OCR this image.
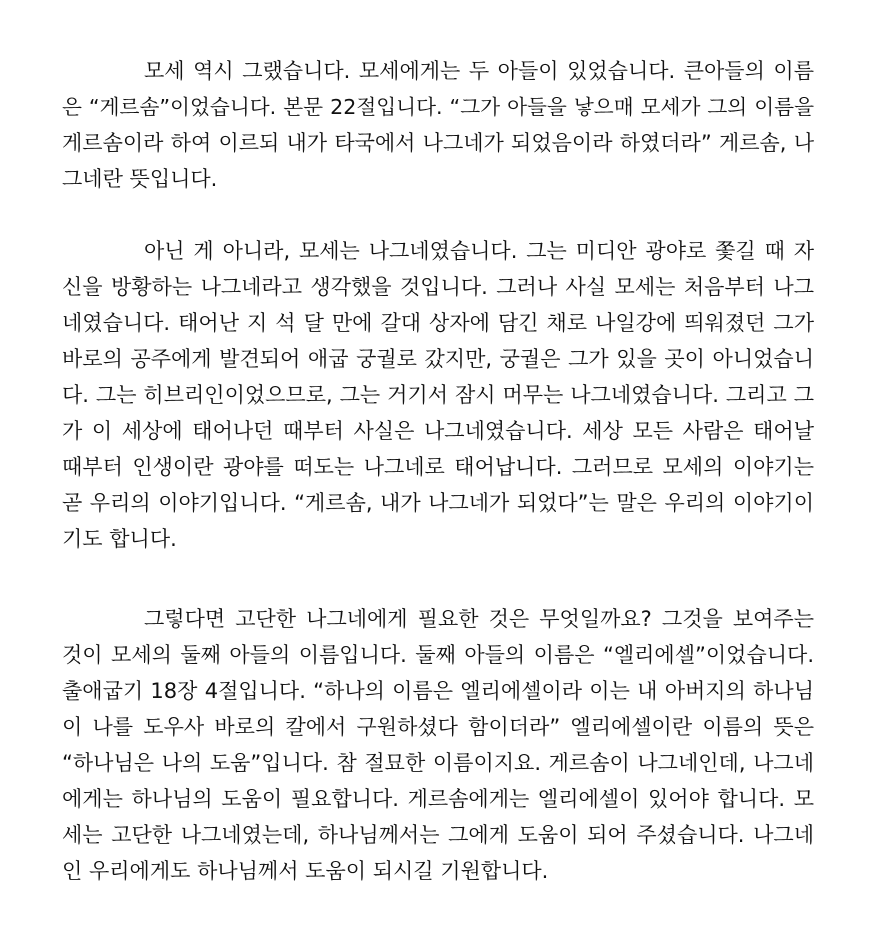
모세 역시 그랬습니다. 모세에게는 두 아들이 있었습니다. 큰아들의 이름
은 “게르솜”이었습니다. 본문 22절입니다. “그가 아들을 낳으매 모세가 그의 이름을
게르솜이라 하여 이르되 내가 타국에서 나그네가 되었음이라 하였더라” 게르솜, 나
그네란 뜻입니다.
아닌 게 아니라, 모세는 나그네였습니다. 그는 미디안 광야로 쫓길 때 자
신을 방황하는 나그네라고 생각했을 것입니다. 그러나 사실 모세는 처음부터 나그
네였습니다. 태어난 지 석 달 만에 갈대 상자에 담긴 채로 나일강에 띄워졌던 그가
바로의 공주에게 발견되어 애굽 궁궐로 갔지만, 궁궐은 그가 있을 곳이 아니었습니
다. 그는 히브리인이었으므로, 그는 거기서 잠시 머무는 나그네였습니다. 그리고 그
가 이 세상에 태어나던 때부터 사실은 나그네였습니다. 세상 모든 사람은 태어날
때부터 인생이란 광야를 떠도는 나그네로 태어납니다. 그러므로 모세의 이야기는
곧 우리의 이야기입니다. “게르솜, 내가 나그네가 되었다”는 말은 우리의 이야기이
기도 합니다.
그렇다면 고단한 나그네에게 필요한 것은 무엇일까요? 그것을 보여주는
것이 모세의 둘째 아들의 이름입니다. 둘째 아들의 이름은 “엘리에셀”이었습니다.
출애굽기 18장 4절입니다. “하나의 이름은 엘리에셀이라 이는 내 아버지의 하나님
이 나를 도우사 바로의 칼에서 구원하셨다 함이더라” 엘리에셀이란 이름의 뜻은
“하나님은 나의 도움”입니다. 참 절묘한 이름이지요. 게르솜이 나그네인데, 나그네
에게는 하나님의 도움이 필요합니다. 게르솜에게는 엘리에셀이 있어야 합니다. 모
세는 고단한 나그네였는데, 하나님께서는 그에게 도움이 되어 주셨습니다. 나그네
인 우리에게도 하나님께서 도움이 되시길 기원합니다.
